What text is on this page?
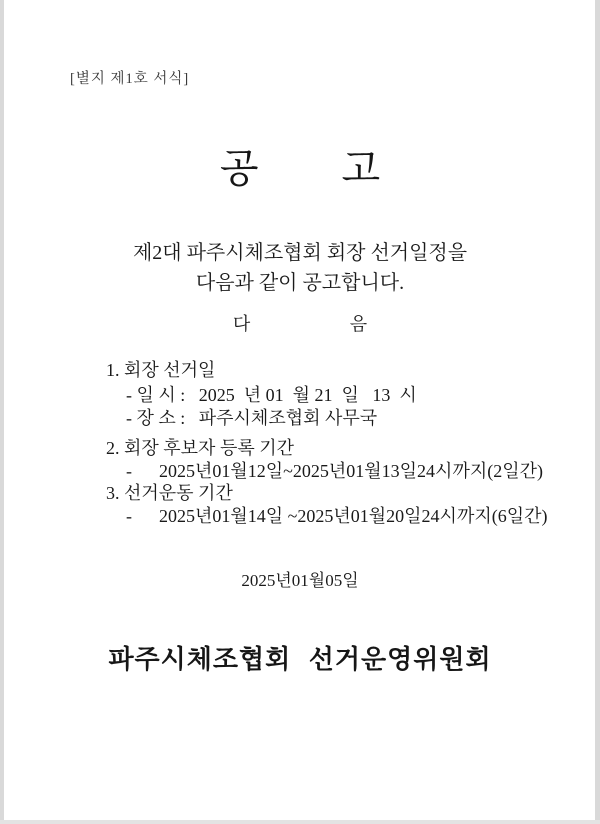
[별지 제1호 서식]
공 고
제2대 파주시체조협회 회장 선거일정을
다음과 같이 공고합니다.
다 음
1. 회장 선거일
- 일 시 :   2025  년 01  월 21  일   13  시
- 장 소 :   파주시체조협회 사무국
2. 회장 후보자 등록 기간
-      2025년01월12일~2025년01월13일24시까지(2일간)
3. 선거운동 기간
-      2025년01월14일 ~2025년01월20일24시까지(6일간)
2025년01월05일
파주시체조협회 선거운영위원회
